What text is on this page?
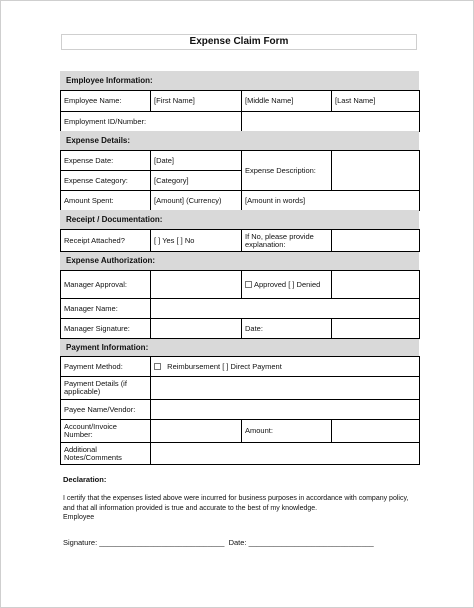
Expense Claim Form
Employee Information:
Employee Name:	[First Name]	[Middle Name]	[Last Name]
Employment ID/Number:			
Expense Details:
Expense Date:	[Date]	Expense Description:	
Expense Category:	[Category]		
Amount Spent:	[Amount] (Currency)	[Amount in words]	
Receipt / Documentation:
Receipt Attached?	[ ] Yes [ ] No	If No, please provide explanation:	
Expense Authorization:
Manager Approval:		Approved [ ] Denied	
Manager Name:			
Manager Signature:		Date:	
Payment Information:
Payment Method:	Reimbursement [ ] Direct Payment		
Payment Details (if applicable)			
Payee Name/Vendor:			
Account/Invoice Number:		Amount:	
Additional Notes/Comments			
Declaration:
I certify that the expenses listed above were incurred for business purposes in accordance with company policy, and that all information provided is true and accurate to the best of my knowledge.
Employee
Signature: ______________________________  Date: ______________________________
